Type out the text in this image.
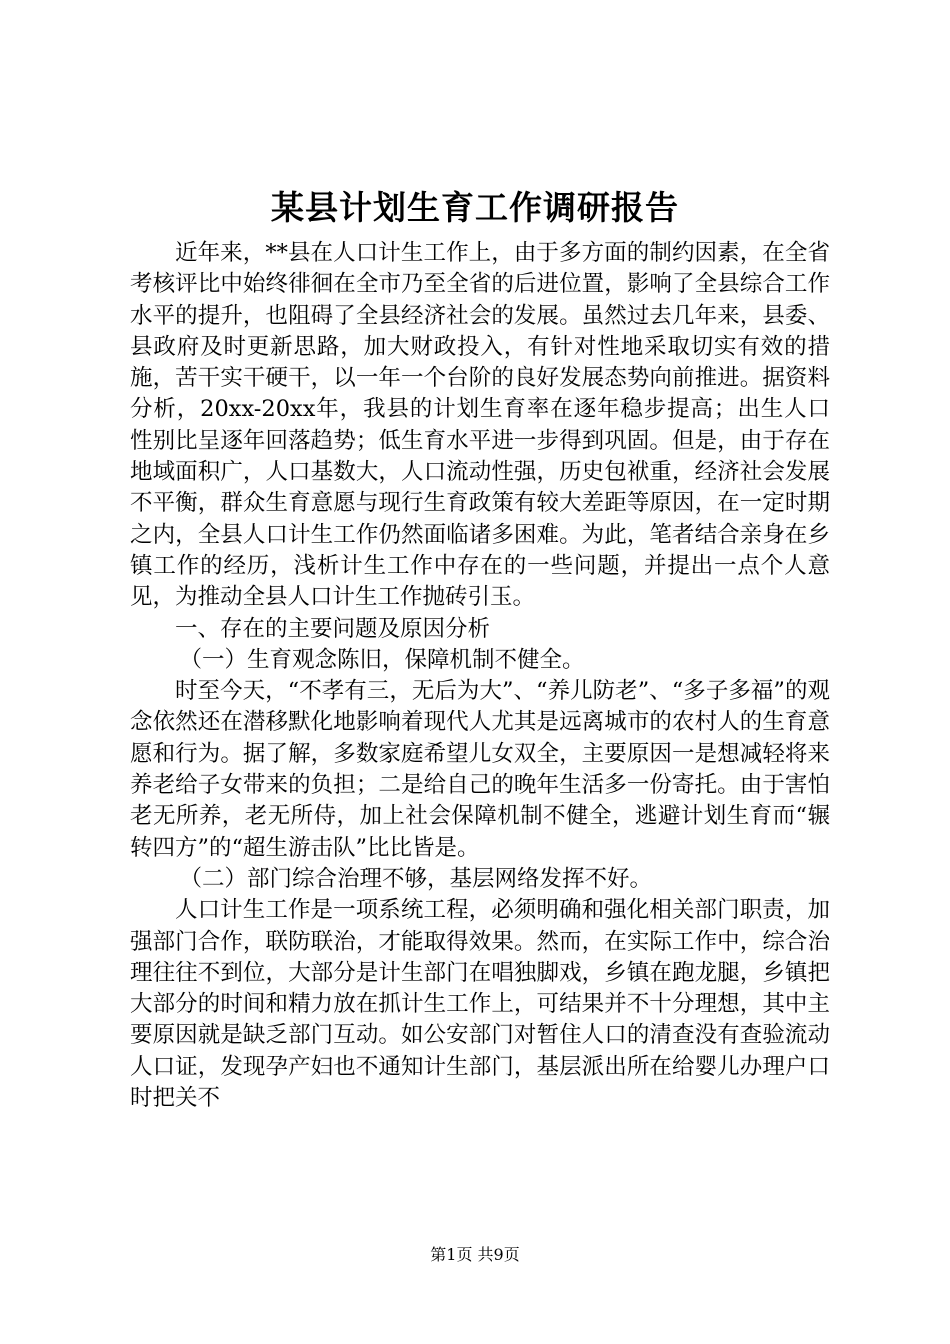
某县计划生育工作调研报告

近年来，**县在人口计生工作上，由于多方面的制约因素，在全省考核评比中始终徘徊在全市乃至全省的后进位置，影响了全县综合工作水平的提升，也阻碍了全县经济社会的发展。虽然过去几年来，县委、县政府及时更新思路，加大财政投入，有针对性地采取切实有效的措施，苦干实干硬干，以一年一个台阶的良好发展态势向前推进。据资料分析，20xx-20xx年，我县的计划生育率在逐年稳步提高；出生人口性别比呈逐年回落趋势；低生育水平进一步得到巩固。但是，由于存在地域面积广，人口基数大，人口流动性强，历史包袱重，经济社会发展不平衡，群众生育意愿与现行生育政策有较大差距等原因，在一定时期之内，全县人口计生工作仍然面临诸多困难。为此，笔者结合亲身在乡镇工作的经历，浅析计生工作中存在的一些问题，并提出一点个人意见，为推动全县人口计生工作抛砖引玉。

一、存在的主要问题及原因分析

（一）生育观念陈旧，保障机制不健全。

时至今天，“不孝有三，无后为大”、“养儿防老”、“多子多福”的观念依然还在潜移默化地影响着现代人尤其是远离城市的农村人的生育意愿和行为。据了解，多数家庭希望儿女双全，主要原因一是想减轻将来养老给子女带来的负担；二是给自己的晚年生活多一份寄托。由于害怕老无所养，老无所侍，加上社会保障机制不健全，逃避计划生育而“辗转四方”的“超生游击队”比比皆是。

（二）部门综合治理不够，基层网络发挥不好。

人口计生工作是一项系统工程，必须明确和强化相关部门职责，加强部门合作，联防联治，才能取得效果。然而，在实际工作中，综合治理往往不到位，大部分是计生部门在唱独脚戏，乡镇在跑龙腿，乡镇把大部分的时间和精力放在抓计生工作上，可结果并不十分理想，其中主要原因就是缺乏部门互动。如公安部门对暂住人口的清查没有查验流动人口证，发现孕产妇也不通知计生部门，基层派出所在给婴儿办理户口时把关不

第1页 共9页
